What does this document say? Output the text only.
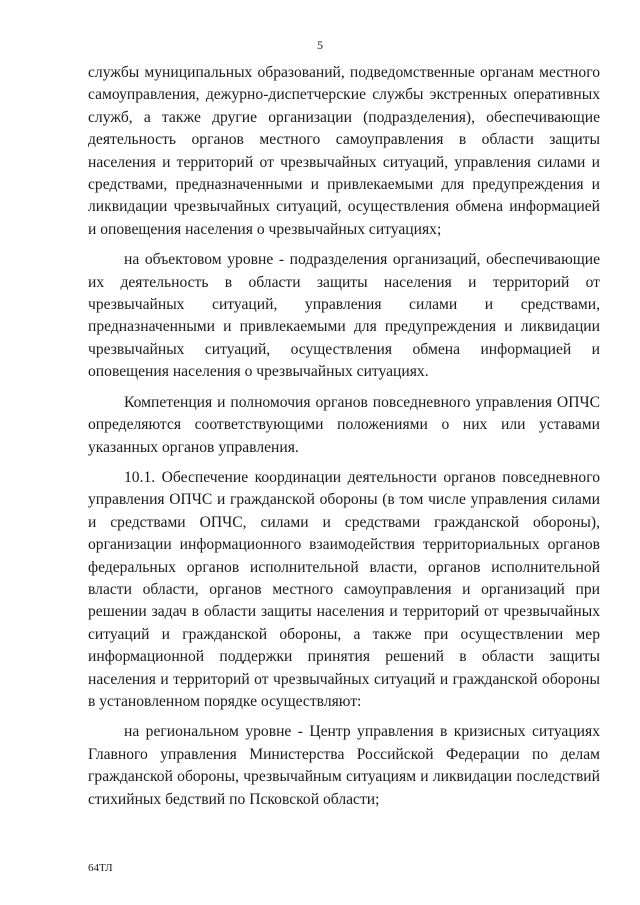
5

службы муниципальных образований, подведомственные органам местного самоуправления, дежурно-диспетчерские службы экстренных оперативных служб, а также другие организации (подразделения), обеспечивающие деятельность органов местного самоуправления в области защиты населения и территорий от чрезвычайных ситуаций, управления силами и средствами, предназначенными и привлекаемыми для предупреждения и ликвидации чрезвычайных ситуаций, осуществления обмена информацией и оповещения населения о чрезвычайных ситуациях;

на объектовом уровне - подразделения организаций, обеспечивающие их деятельность в области защиты населения и территорий от чрезвычайных ситуаций, управления силами и средствами, предназначенными и привлекаемыми для предупреждения и ликвидации чрезвычайных ситуаций, осуществления обмена информацией и оповещения населения о чрезвычайных ситуациях.

Компетенция и полномочия органов повседневного управления ОПЧС определяются соответствующими положениями о них или уставами указанных органов управления.

10.1. Обеспечение координации деятельности органов повседневного управления ОПЧС и гражданской обороны (в том числе управления силами и средствами ОПЧС, силами и средствами гражданской обороны), организации информационного взаимодействия территориальных органов федеральных органов исполнительной власти, органов исполнительной власти области, органов местного самоуправления и организаций при решении задач в области защиты населения и территорий от чрезвычайных ситуаций и гражданской обороны, а также при осуществлении мер информационной поддержки принятия решений в области защиты населения и территорий от чрезвычайных ситуаций и гражданской обороны в установленном порядке осуществляют:

на региональном уровне - Центр управления в кризисных ситуациях Главного управления Министерства Российской Федерации по делам гражданской обороны, чрезвычайным ситуациям и ликвидации последствий стихийных бедствий по Псковской области;

64ТЛ
